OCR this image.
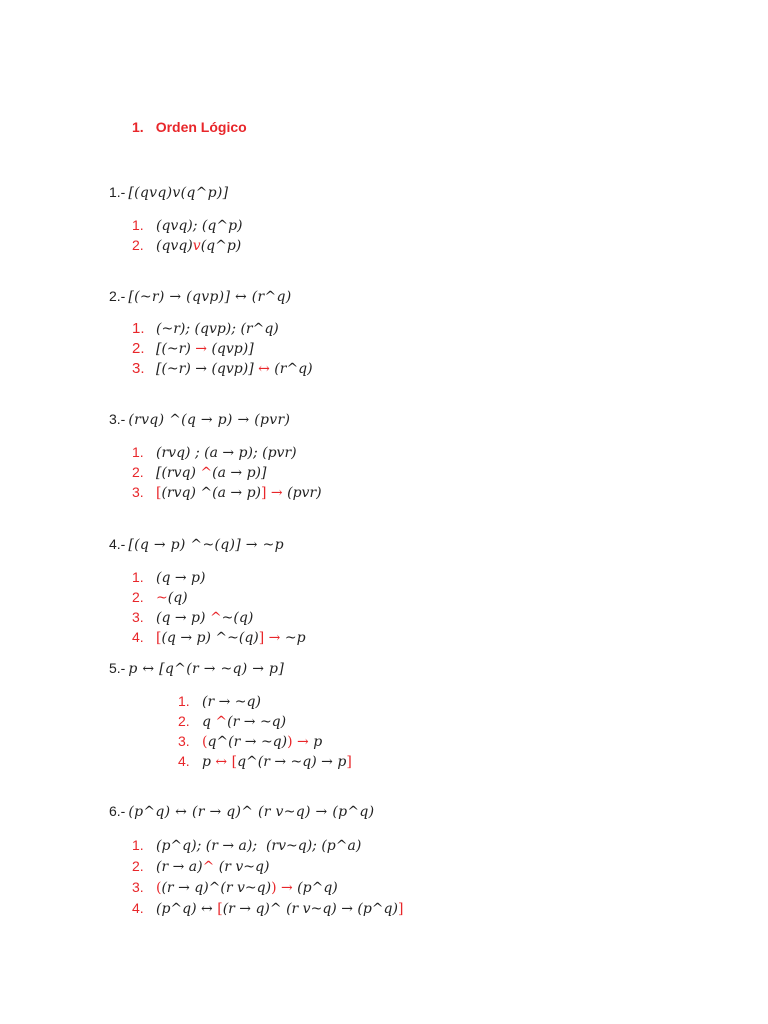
1. Orden Lógico
1.- [(𝑞𝑣𝑞)𝑣(𝑞^𝑝)]
1. (𝑞𝑣𝑞); (𝑞^𝑝)
2. (𝑞𝑣𝑞)𝑣(𝑞^𝑝)
2.- [(~𝑟) → (𝑞𝑣𝑝)] ↔ (𝑟^𝑞)
1. (~𝑟); (𝑞𝑣𝑝); (𝑟^𝑞)
2. [(~𝑟) → (𝑞𝑣𝑝)]
3. [(~𝑟) → (𝑞𝑣𝑝)] ↔ (𝑟^𝑞)
3.- (𝑟𝑣𝑞) ^(𝑞 → 𝑝) → (𝑝𝑣𝑟)
1. (𝑟𝑣𝑞) ; (𝑎 → 𝑝); (𝑝𝑣𝑟)
2. [(𝑟𝑣𝑞) ^(𝑎 → 𝑝)]
3. [(𝑟𝑣𝑞) ^(𝑎 → 𝑝)] → (𝑝𝑣𝑟)
4.- [(𝑞 → 𝑝) ^~(𝑞)] → ~𝑝
1. (𝑞 → 𝑝)
2. ~(𝑞)
3. (𝑞 → 𝑝) ^~(𝑞)
4. [(𝑞 → 𝑝) ^~(𝑞)] → ~𝑝
5.- 𝑝 ↔ [𝑞^(𝑟 → ~𝑞) → 𝑝]
1. (𝑟 → ~𝑞)
2. 𝑞 ^(𝑟 → ~𝑞)
3. (𝑞^(𝑟 → ~𝑞)) → 𝑝
4. 𝑝 ↔ [𝑞^(𝑟 → ~𝑞) → 𝑝]
6.- (𝑝^𝑞) ↔ (𝑟 → 𝑞)^ (𝑟 𝑣~𝑞) → (𝑝^𝑞)
1. (𝑝^𝑞); (𝑟 → 𝑎);  (𝑟𝑣~𝑞); (𝑝^𝑎)
2. (𝑟 → 𝑎)^ (𝑟 𝑣~𝑞)
3. ((𝑟 → 𝑞)^(𝑟 𝑣~𝑞)) → (𝑝^𝑞)
4. (𝑝^𝑞) ↔ [(𝑟 → 𝑞)^ (𝑟 𝑣~𝑞) → (𝑝^𝑞)]
